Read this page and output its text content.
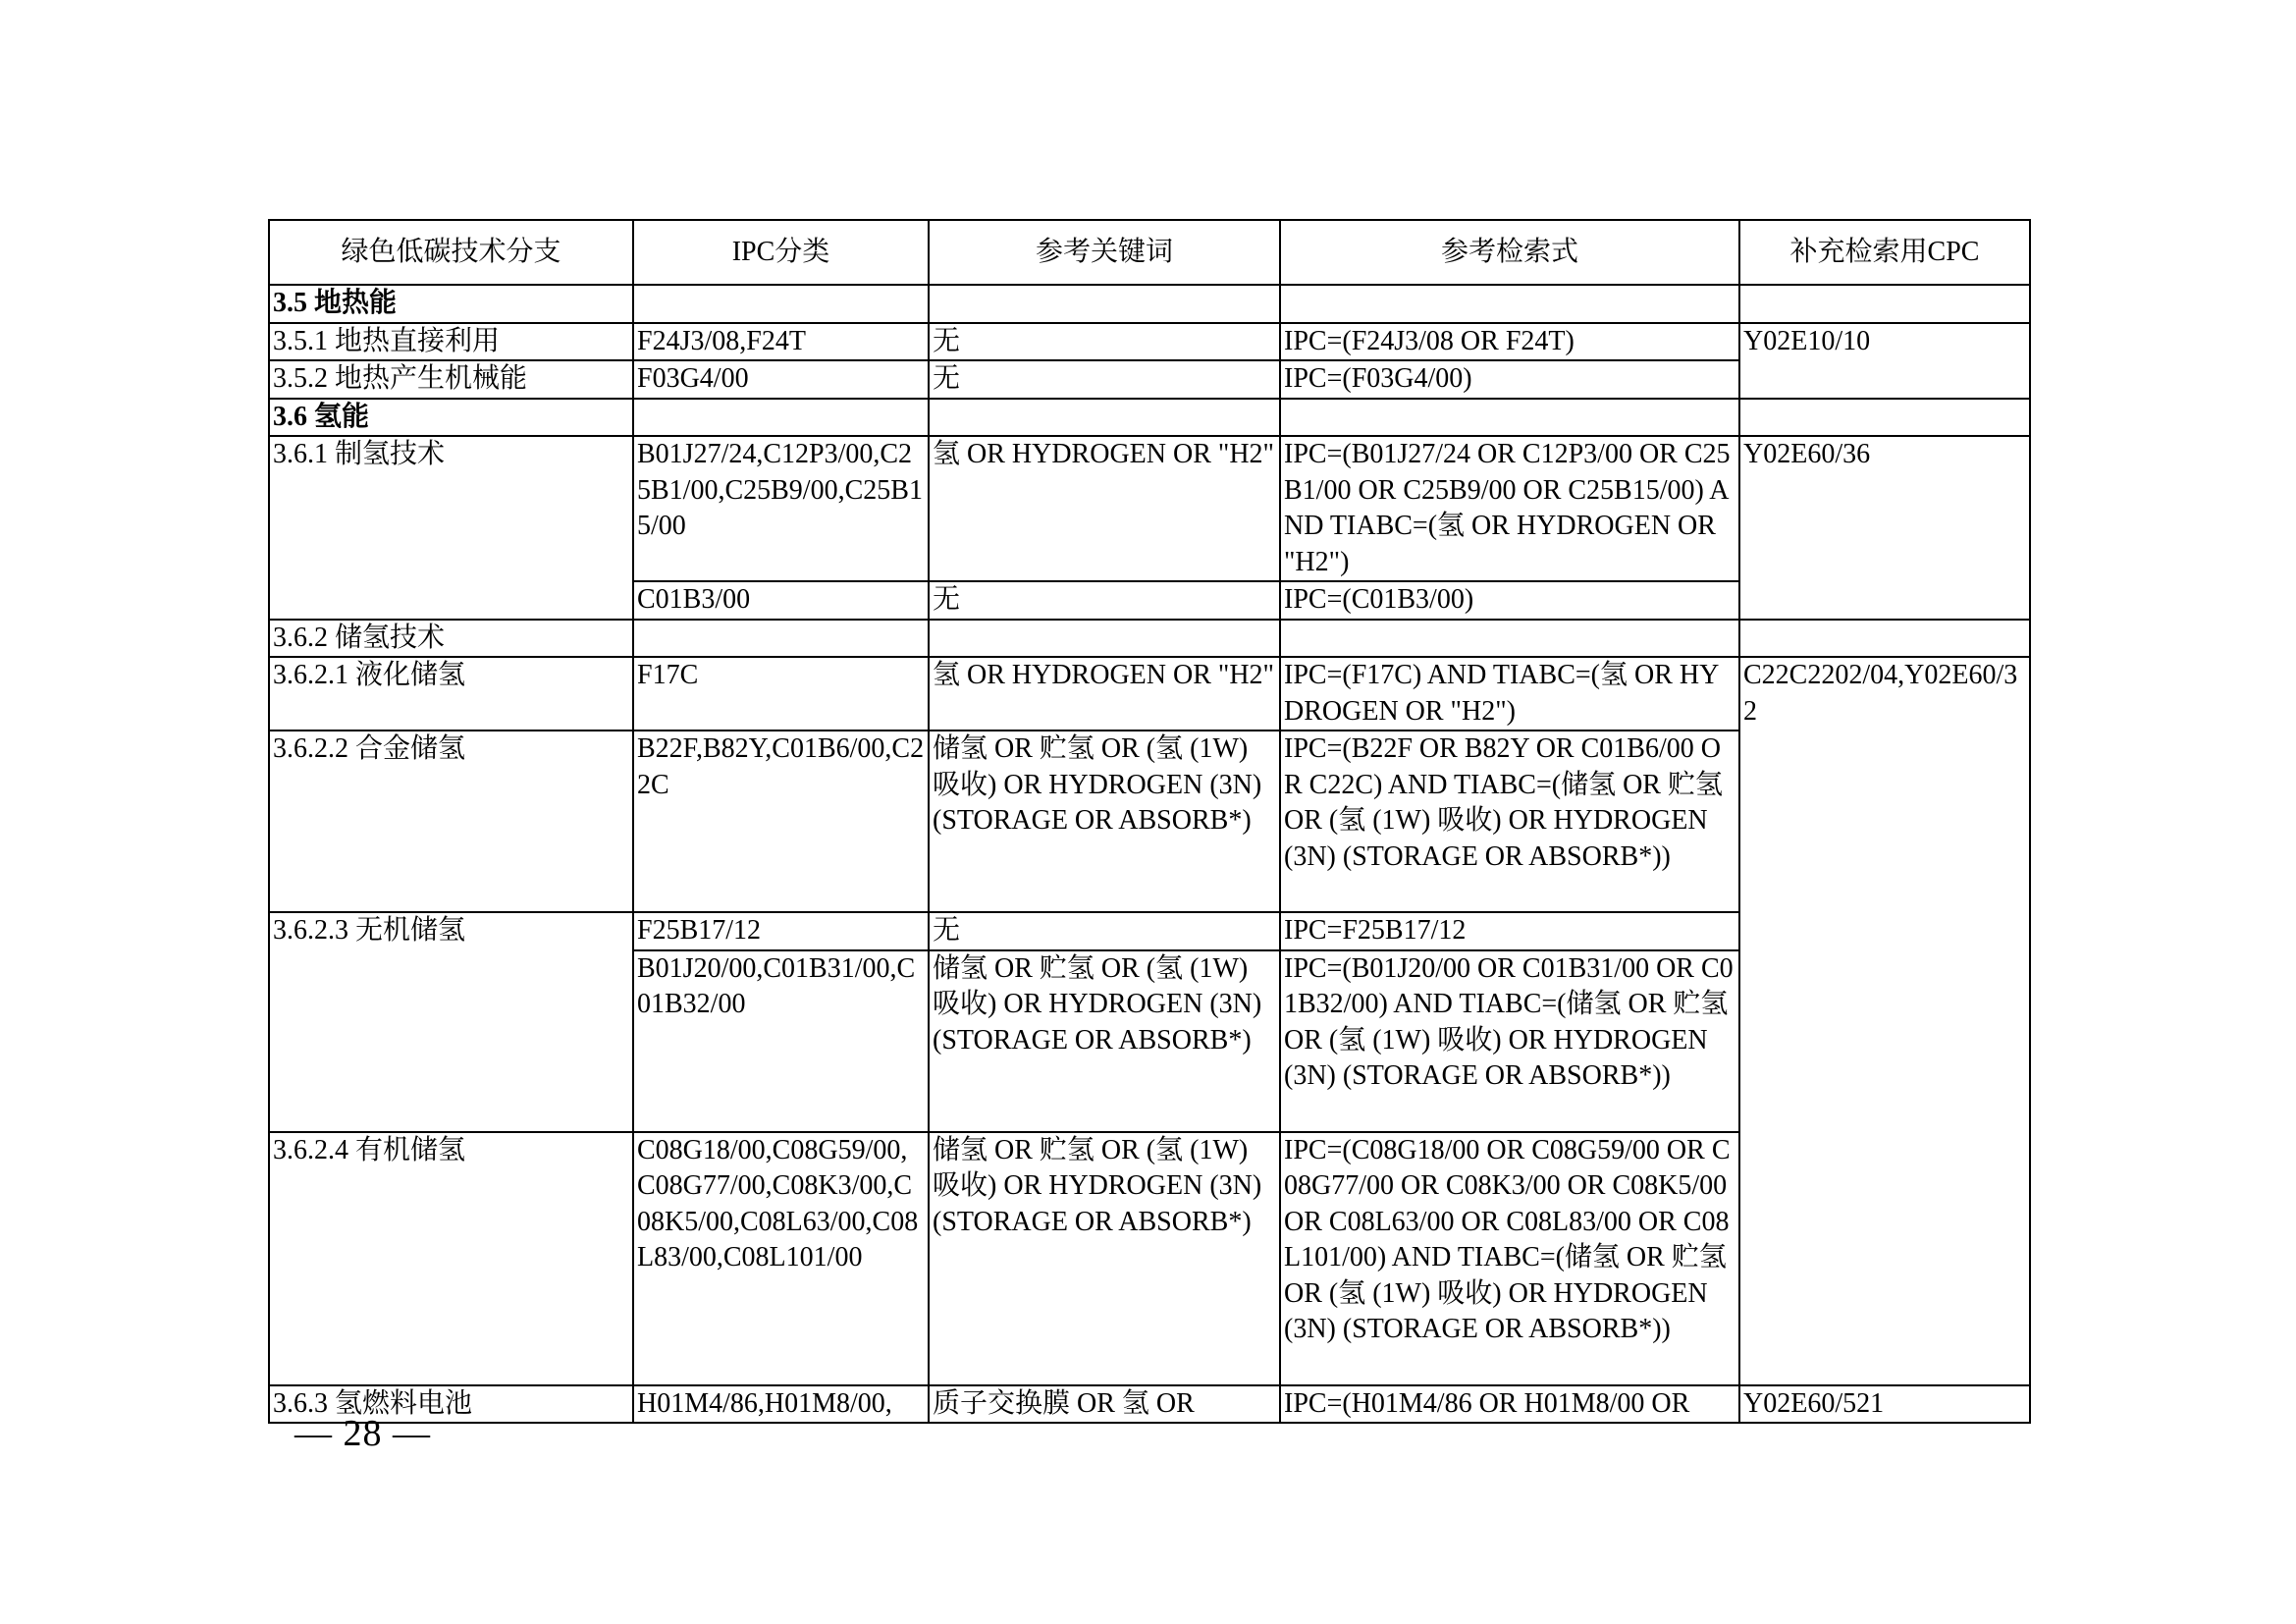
绿色低碳技术分支	IPC分类	参考关键词	参考检索式	补充检索用CPC
3.5 地热能				
3.5.1 地热直接利用	F24J3/08,F24T	无	IPC=(F24J3/08 OR F24T)	Y02E10/10
3.5.2 地热产生机械能	F03G4/00	无	IPC=(F03G4/00)	
3.6 氢能				
3.6.1 制氢技术	B01J27/24,C12P3/00,C25B1/00,C25B9/00,C25B15/00	氢 OR HYDROGEN OR "H2"	IPC=(B01J27/24 OR C12P3/00 OR C25B1/00 OR C25B9/00 OR C25B15/00) AND TIABC=(氢 OR HYDROGEN OR "H2")	Y02E60/36
	C01B3/00	无	IPC=(C01B3/00)	
3.6.2 储氢技术				
3.6.2.1 液化储氢	F17C	氢 OR HYDROGEN OR "H2"	IPC=(F17C) AND TIABC=(氢 OR HYDROGEN OR "H2")	C22C2202/04,Y02E60/32
3.6.2.2 合金储氢	B22F,B82Y,C01B6/00,C22C	储氢 OR 贮氢 OR (氢 (1W) 吸收) OR HYDROGEN (3N) (STORAGE OR ABSORB*)	IPC=(B22F OR B82Y OR C01B6/00 OR C22C) AND TIABC=(储氢 OR 贮氢 OR (氢 (1W) 吸收) OR HYDROGEN (3N) (STORAGE OR ABSORB*))	
3.6.2.3 无机储氢	F25B17/12	无	IPC=F25B17/12	
	B01J20/00,C01B31/00,C01B32/00	储氢 OR 贮氢 OR (氢 (1W) 吸收) OR HYDROGEN (3N) (STORAGE OR ABSORB*)	IPC=(B01J20/00 OR C01B31/00 OR C01B32/00) AND TIABC=(储氢 OR 贮氢 OR (氢 (1W) 吸收) OR HYDROGEN (3N) (STORAGE OR ABSORB*))	
3.6.2.4 有机储氢	C08G18/00,C08G59/00,C08G77/00,C08K3/00,C08K5/00,C08L63/00,C08L83/00,C08L101/00	储氢 OR 贮氢 OR (氢 (1W) 吸收) OR HYDROGEN (3N) (STORAGE OR ABSORB*)	IPC=(C08G18/00 OR C08G59/00 OR C08G77/00 OR C08K3/00 OR C08K5/00 OR C08L63/00 OR C08L83/00 OR C08L101/00) AND TIABC=(储氢 OR 贮氢 OR (氢 (1W) 吸收) OR HYDROGEN (3N) (STORAGE OR ABSORB*))	
3.6.3 氢燃料电池	H01M4/86,H01M8/00,	质子交换膜 OR 氢 OR	IPC=(H01M4/86 OR H01M8/00 OR	Y02E60/521
— 28 —
